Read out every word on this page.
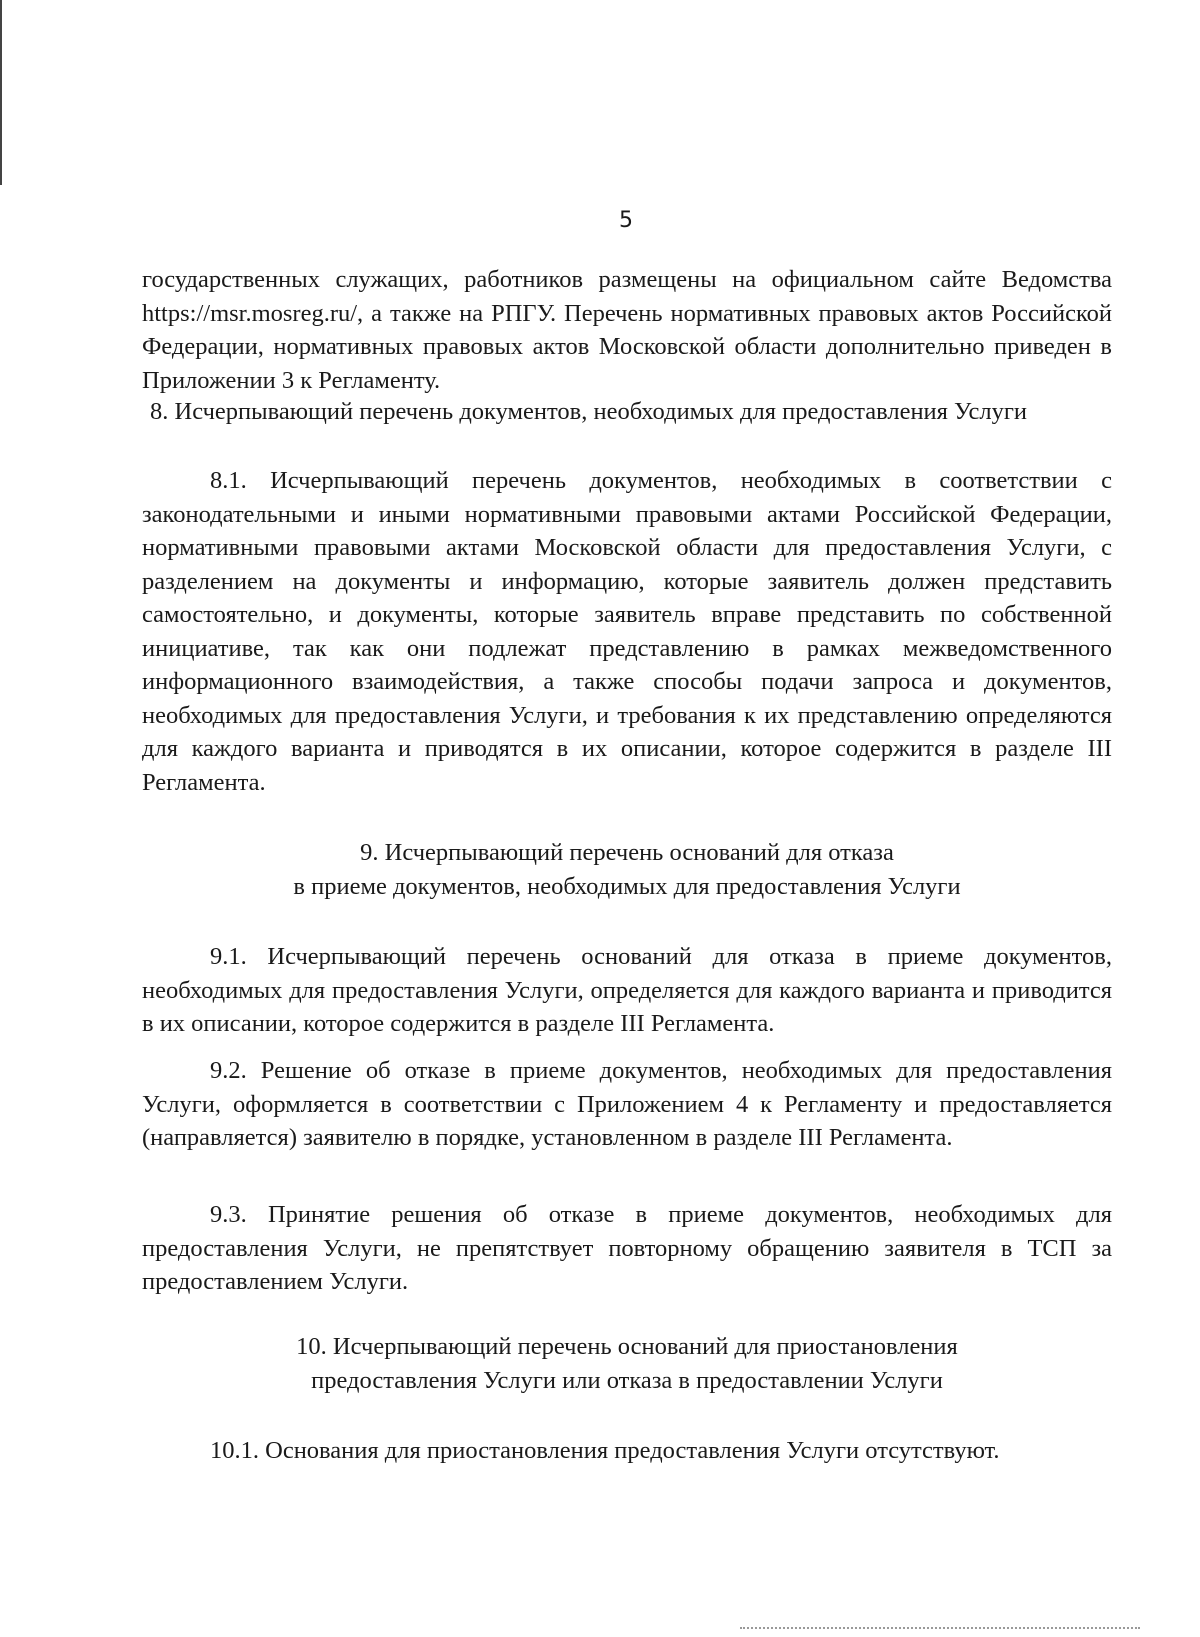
5
государственных служащих, работников размещены на официальном сайте Ведомства https://msr.mosreg.ru/, а также на РПГУ. Перечень нормативных правовых актов Российской Федерации, нормативных правовых актов Московской области дополнительно приведен в Приложении 3 к Регламенту.
8. Исчерпывающий перечень документов, необходимых для предоставления Услуги
8.1. Исчерпывающий перечень документов, необходимых в соответствии с законодательными и иными нормативными правовыми актами Российской Федерации, нормативными правовыми актами Московской области для предоставления Услуги, с разделением на документы и информацию, которые заявитель должен представить самостоятельно, и документы, которые заявитель вправе представить по собственной инициативе, так как они подлежат представлению в рамках межведомственного информационного взаимодействия, а также способы подачи запроса и документов, необходимых для предоставления Услуги, и требования к их представлению определяются для каждого варианта и приводятся в их описании, которое содержится в разделе III Регламента.
9. Исчерпывающий перечень оснований для отказа
в приеме документов, необходимых для предоставления Услуги
9.1. Исчерпывающий перечень оснований для отказа в приеме документов, необходимых для предоставления Услуги, определяется для каждого варианта и приводится в их описании, которое содержится в разделе III Регламента.
9.2. Решение об отказе в приеме документов, необходимых для предоставления Услуги, оформляется в соответствии с Приложением 4 к Регламенту и предоставляется (направляется) заявителю в порядке, установленном в разделе III Регламента.
9.3. Принятие решения об отказе в приеме документов, необходимых для предоставления Услуги, не препятствует повторному обращению заявителя в ТСП за предоставлением Услуги.
10. Исчерпывающий перечень оснований для приостановления
предоставления Услуги или отказа в предоставлении Услуги
10.1. Основания для приостановления предоставления Услуги отсутствуют.
